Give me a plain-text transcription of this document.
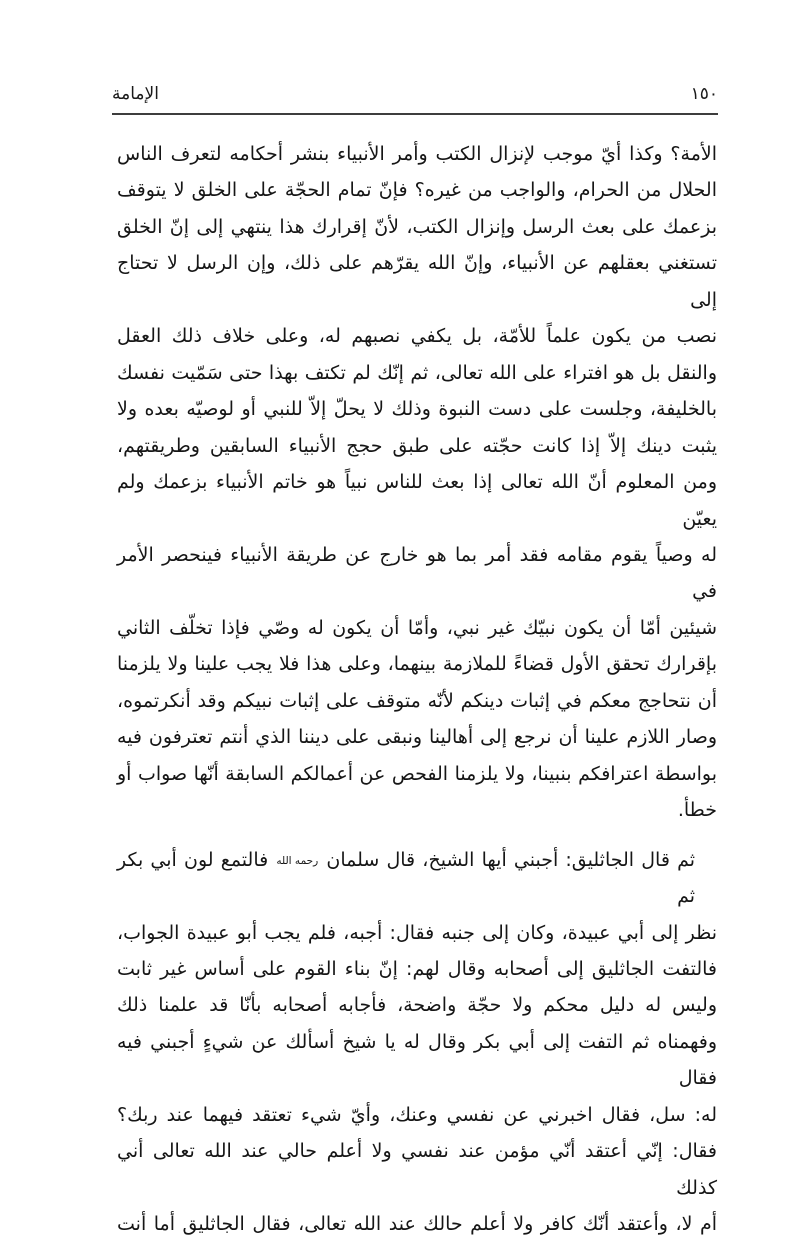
١٥٠
الإمامة
الأمة؟ وكذا أيّ موجب لإنزال الكتب وأمر الأنبياء بنشر أحكامه لتعرف الناس
الحلال من الحرام، والواجب من غيره؟ فإنّ تمام الحجّة على الخلق لا يتوقف
بزعمك على بعث الرسل وإنزال الكتب، لأنّ إقرارك هذا ينتهي إلى إنّ الخلق
تستغني بعقلهم عن الأنبياء، وإنّ الله يقرّهم على ذلك، وإن الرسل لا تحتاج إلى
نصب من يكون علماً للأمّة، بل يكفي نصبهم له، وعلى خلاف ذلك العقل
والنقل بل هو افتراء على الله تعالى، ثم إنّك لم تكتف بهذا حتى سَمّيت نفسك
بالخليفة، وجلست على دست النبوة وذلك لا يحلّ إلاّ للنبي أو لوصيّه بعده ولا
يثبت دينك إلاّ إذا كانت حجّته على طبق حجج الأنبياء السابقين وطريقتهم،
ومن المعلوم أنّ الله تعالى إذا بعث للناس نبياً هو خاتم الأنبياء بزعمك ولم يعيّن
له وصياً يقوم مقامه فقد أمر بما هو خارج عن طريقة الأنبياء فينحصر الأمر في
شيئين أمّا أن يكون نبيّك غير نبي، وأمّا أن يكون له وصّي فإذا تخلّف الثاني
بإقرارك تحقق الأول قضاءً للملازمة بينهما، وعلى هذا فلا يجب علينا ولا يلزمنا
أن نتحاجج معكم في إثبات دينكم لأنّه متوقف على إثبات نبيكم وقد أنكرتموه،
وصار اللازم علينا أن نرجع إلى أهالينا ونبقى على ديننا الذي أنتم تعترفون فيه
بواسطة اعترافكم بنبينا، ولا يلزمنا الفحص عن أعمالكم السابقة أنّها صواب أو
خطأ.
ثم قال الجاثليق: أجبني أيها الشيخ، قال سلمان رحمه الله فالتمع لون أبي بكر ثم
نظر إلى أبي عبيدة، وكان إلى جنبه فقال: أجبه، فلم يجب أبو عبيدة الجواب،
فالتفت الجاثليق إلى أصحابه وقال لهم: إنّ بناء القوم على أساس غير ثابت
وليس له دليل محكم ولا حجّة واضحة، فأجابه أصحابه بأنّا قد علمنا ذلك
وفهمناه ثم التفت إلى أبي بكر وقال له يا شيخ أسألك عن شيءٍ أجبني فيه فقال
له: سل، فقال اخبرني عن نفسي وعنك، وأيّ شيء تعتقد فيهما عند ربك؟
فقال: إنّي أعتقد أنّي مؤمن عند نفسي ولا أعلم حالي عند الله تعالى أني كذلك
أم لا، وأعتقد أنّك كافر ولا أعلم حالك عند الله تعالى، فقال الجاثليق أما أنت
